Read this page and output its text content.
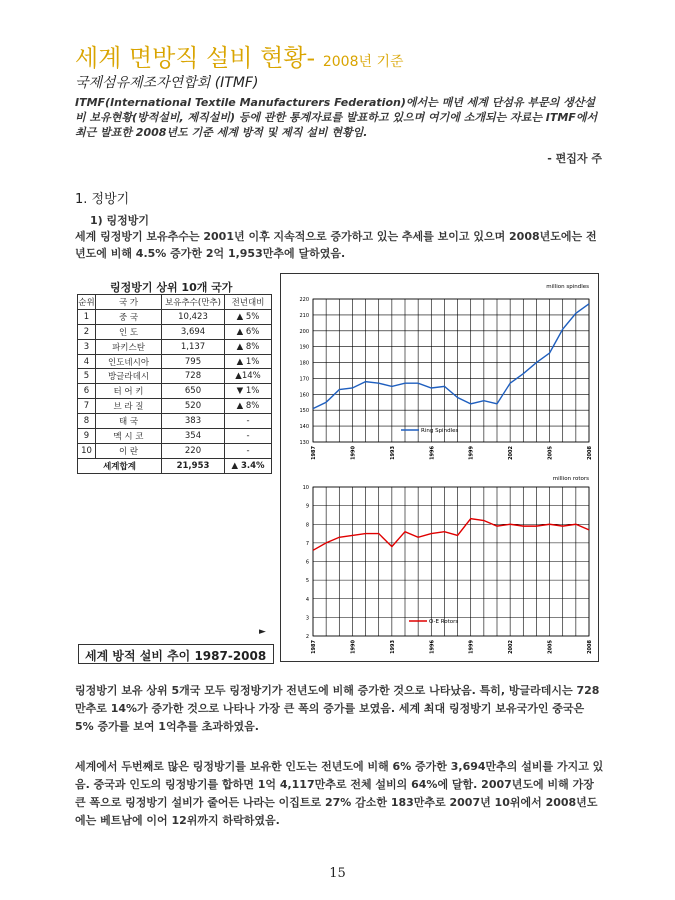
세계 면방직 설비 현황- 2008년 기준
국제섬유제조자연합회 (ITMF)
ITMF(International Textile Manufacturers Federation)에서는 매년 세계 단섬유 부문의 생산설비 보유현황(방적설비, 제직설비) 등에 관한 통계자료를 발표하고 있으며 여기에 소개되는 자료는 ITMF에서 최근 발표한 2008년도 기준 세계 방적 및 제직 설비 현황임.
- 편집자 주
1. 정방기
1) 링정방기
세계 링정방기 보유추수는 2001년 이후 지속적으로 증가하고 있는 추세를 보이고 있으며 2008년도에는 전년도에 비해 4.5% 증가한 2억 1,953만추에 달하였음.
링정방기 상위 10개 국가
순위	국 가	보유추수(만추)	전년대비
1	중 국	10,423	▲ 5%
2	인 도	3,694	▲ 6%
3	파키스탄	1,137	▲ 8%
4	인도네시아	795	▲ 1%
5	방글라데시	728	▲14%
6	터 어 키	650	▼ 1%
7	브 라 질	520	▲ 8%
8	태 국	383	-
9	멕 시 코	354	-
10	이 란	220	-
세계합계		21,953	▲ 3.4%
130
140
150
160
170
180
190
200
210
220
1987	1990	1993	1996	1999	2002	2005	2008
million spindles
Ring Spindles
2
3
4
5
6
7
8
9
10
1987	1990	1993	1996	1999	2002	2005	2008
million rotors
O-E Rotors
►
세계 방적 설비 추이 1987-2008
링정방기 보유 상위 5개국 모두 링정방기가 전년도에 비해 증가한 것으로 나타났음. 특히, 방글라데시는 728만추로 14%가 증가한 것으로 나타나 가장 큰 폭의 증가를 보였음. 세계 최대 링정방기 보유국가인 중국은 5% 증가를 보여 1억추를 초과하였음.
세계에서 두번째로 많은 링정방기를 보유한 인도는 전년도에 비해 6% 증가한 3,694만추의 설비를 가지고 있음. 중국과 인도의 링정방기를 합하면 1억 4,117만추로 전체 설비의 64%에 달함. 2007년도에 비해 가장 큰 폭으로 링정방기 설비가 줄어든 나라는 이집트로 27% 감소한 183만추로 2007년 10위에서 2008년도에는 베트남에 이어 12위까지 하락하였음.
15
